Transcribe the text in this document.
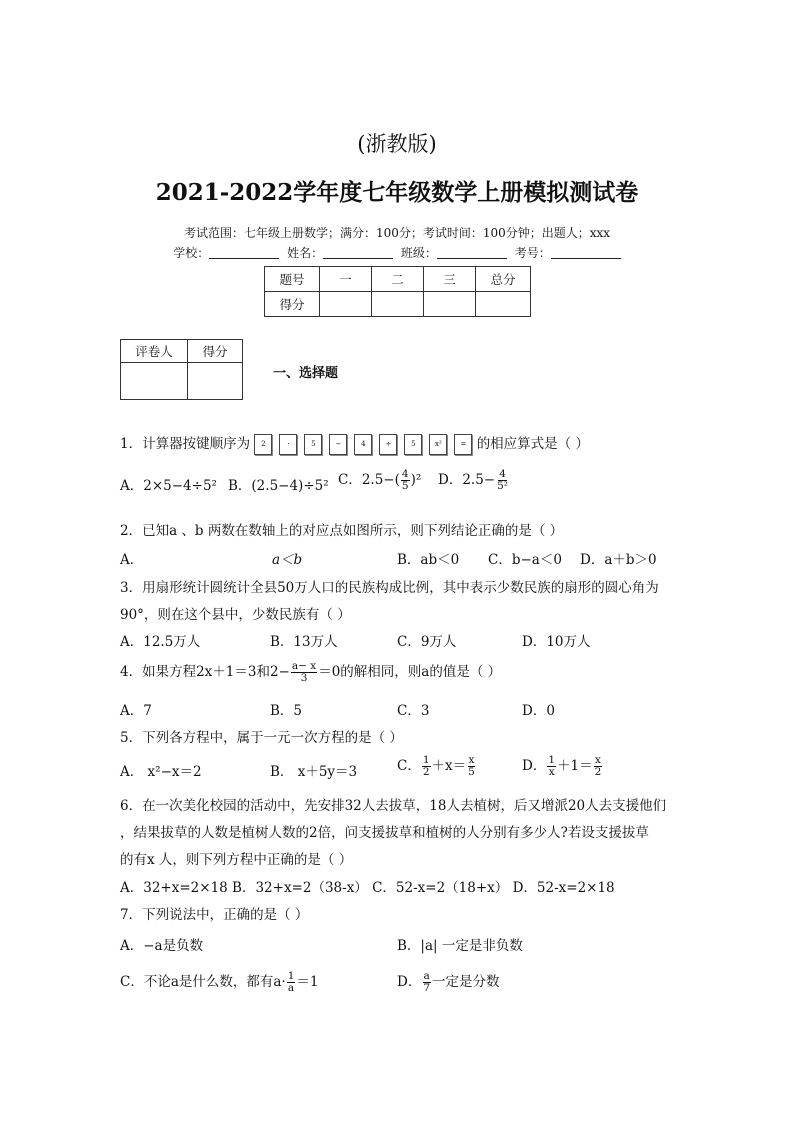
(浙教版)
2021-2022学年度七年级数学上册模拟测试卷
考试范围：七年级上册数学；满分：100分；考试时间：100分钟；出题人；xxx
学校：	姓名：	班级：	考号：
题号	一	二	三	总分
得分				
评卷人	得分

一、选择题
1．计算器按键顺序为 2	·	5	−	4	÷	5	x²	= 的相应算式是（ ）
A．2×5−4÷5² B．(2.5−4)÷5² C．$2.5-( \frac{4}{5} )^2$ D．$2.5- \frac{4}{\text{5²}}$
2．已知a 、b 两数在数轴上的对应点如图所示，则下列结论正确的是（ ）
A．	a＜b	B．ab＜0 C．b−a＜0 D．a＋b＞0
3．用扇形统计圆统计全县50万人口的民族构成比例，其中表示少数民族的扇形的圆心角为
90°，则在这个县中，少数民族有（ ）
A．12.5万人	B．13万人	C．9万人	D．10万人
4．如果方程2x＋1＝3和$2- \frac{a- x}{3} =0$的解相同，则a的值是（ ）
A．7	B．5	C．3	D．0
5．下列各方程中，属于一元一次方程的是（ ）
A． x²−x＝2	B． x＋5y＝3	C． $\frac{1}{2} +x= \frac{x}{5}$	D． $\frac{1}{x} +1= \frac{x}{2}$
6．在一次美化校园的活动中，先安排32人去拔草，18人去植树，后又增派20人去支援他们
，结果拔草的人数是植树人数的2倍，问支援拔草和植树的人分别有多少人?若设支援拔草
的有x 人，则下列方程中正确的是（ ）
A．32+x=2×18 B．32+x=2（38-x） C．52-x=2（18+x） D．52-x=2×18
7．下列说法中，正确的是（ ）
A．−a是负数	B．|a| 一定是非负数
C．不论a是什么数，都有$a\cdot \frac{1}{a} =1$	D． $\frac{a}{7}$ 一定是分数
